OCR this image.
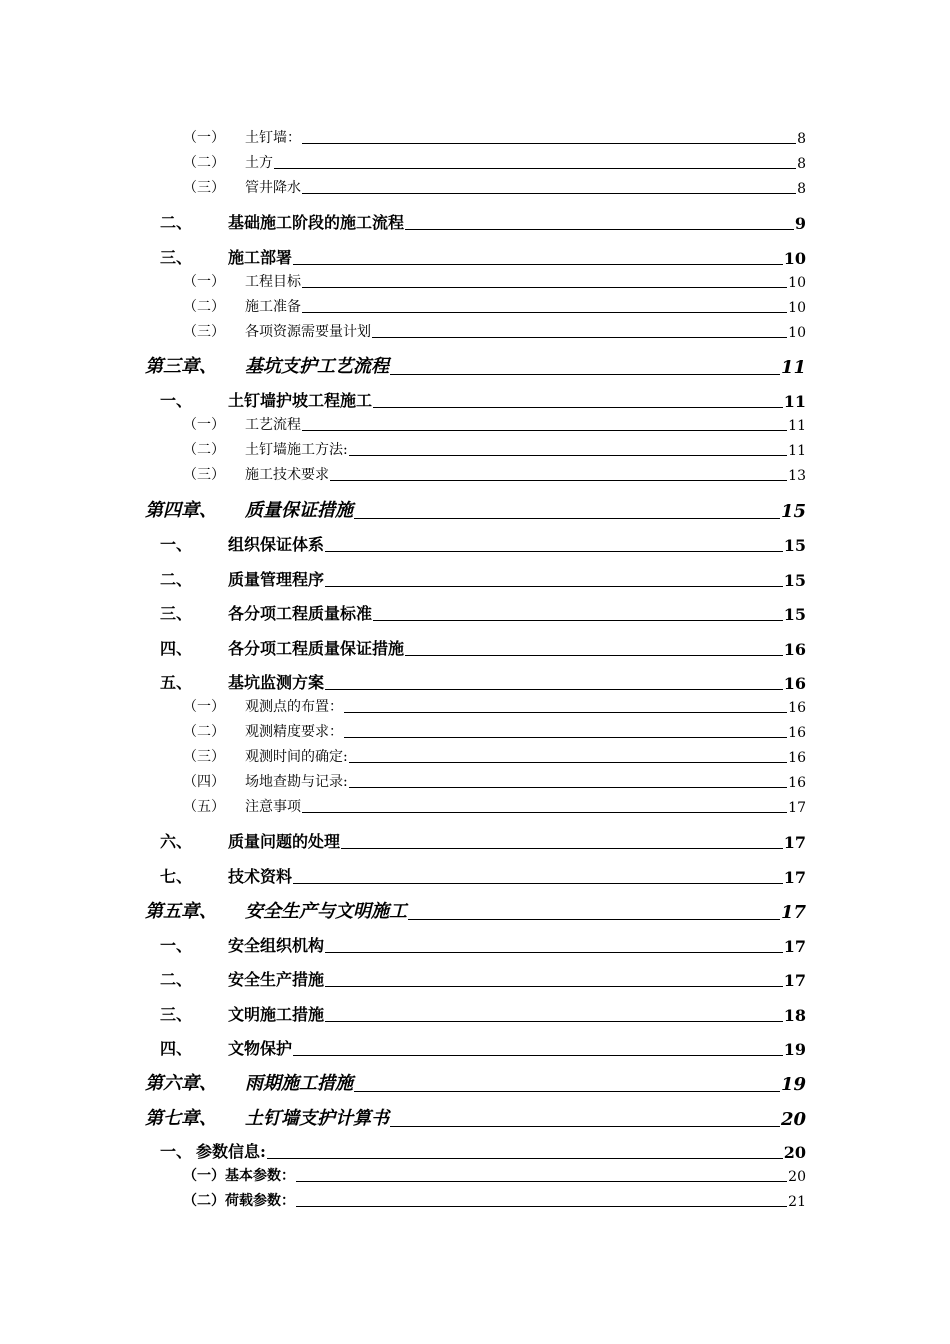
（一）	土钉墙：	8
（二）	土方	8
（三）	管井降水	8
二、	基础施工阶段的施工流程	9
三、	施工部署	10
（一）	工程目标	10
（二）	施工准备	10
（三）	各项资源需要量计划	10
第三章、	基坑支护工艺流程	11
一、	土钉墙护坡工程施工	11
（一）	工艺流程	11
（二）	土钉墙施工方法:	11
（三）	施工技术要求	13
第四章、	质量保证措施	15
一、	组织保证体系	15
二、	质量管理程序	15
三、	各分项工程质量标准	15
四、	各分项工程质量保证措施	16
五、	基坑监测方案	16
（一）	观测点的布置：	16
（二）	观测精度要求：	16
（三）	观测时间的确定:	16
（四）	场地查勘与记录:	16
（五）	注意事项	17
六、	质量问题的处理	17
七、	技术资料	17
第五章、	安全生产与文明施工	17
一、	安全组织机构	17
二、	安全生产措施	17
三、	文明施工措施	18
四、	文物保护	19
第六章、	雨期施工措施	19
第七章、	土钉墙支护计算书	20
一、 参数信息:	20
（一） 基本参数：	20
（二） 荷载参数：	21
